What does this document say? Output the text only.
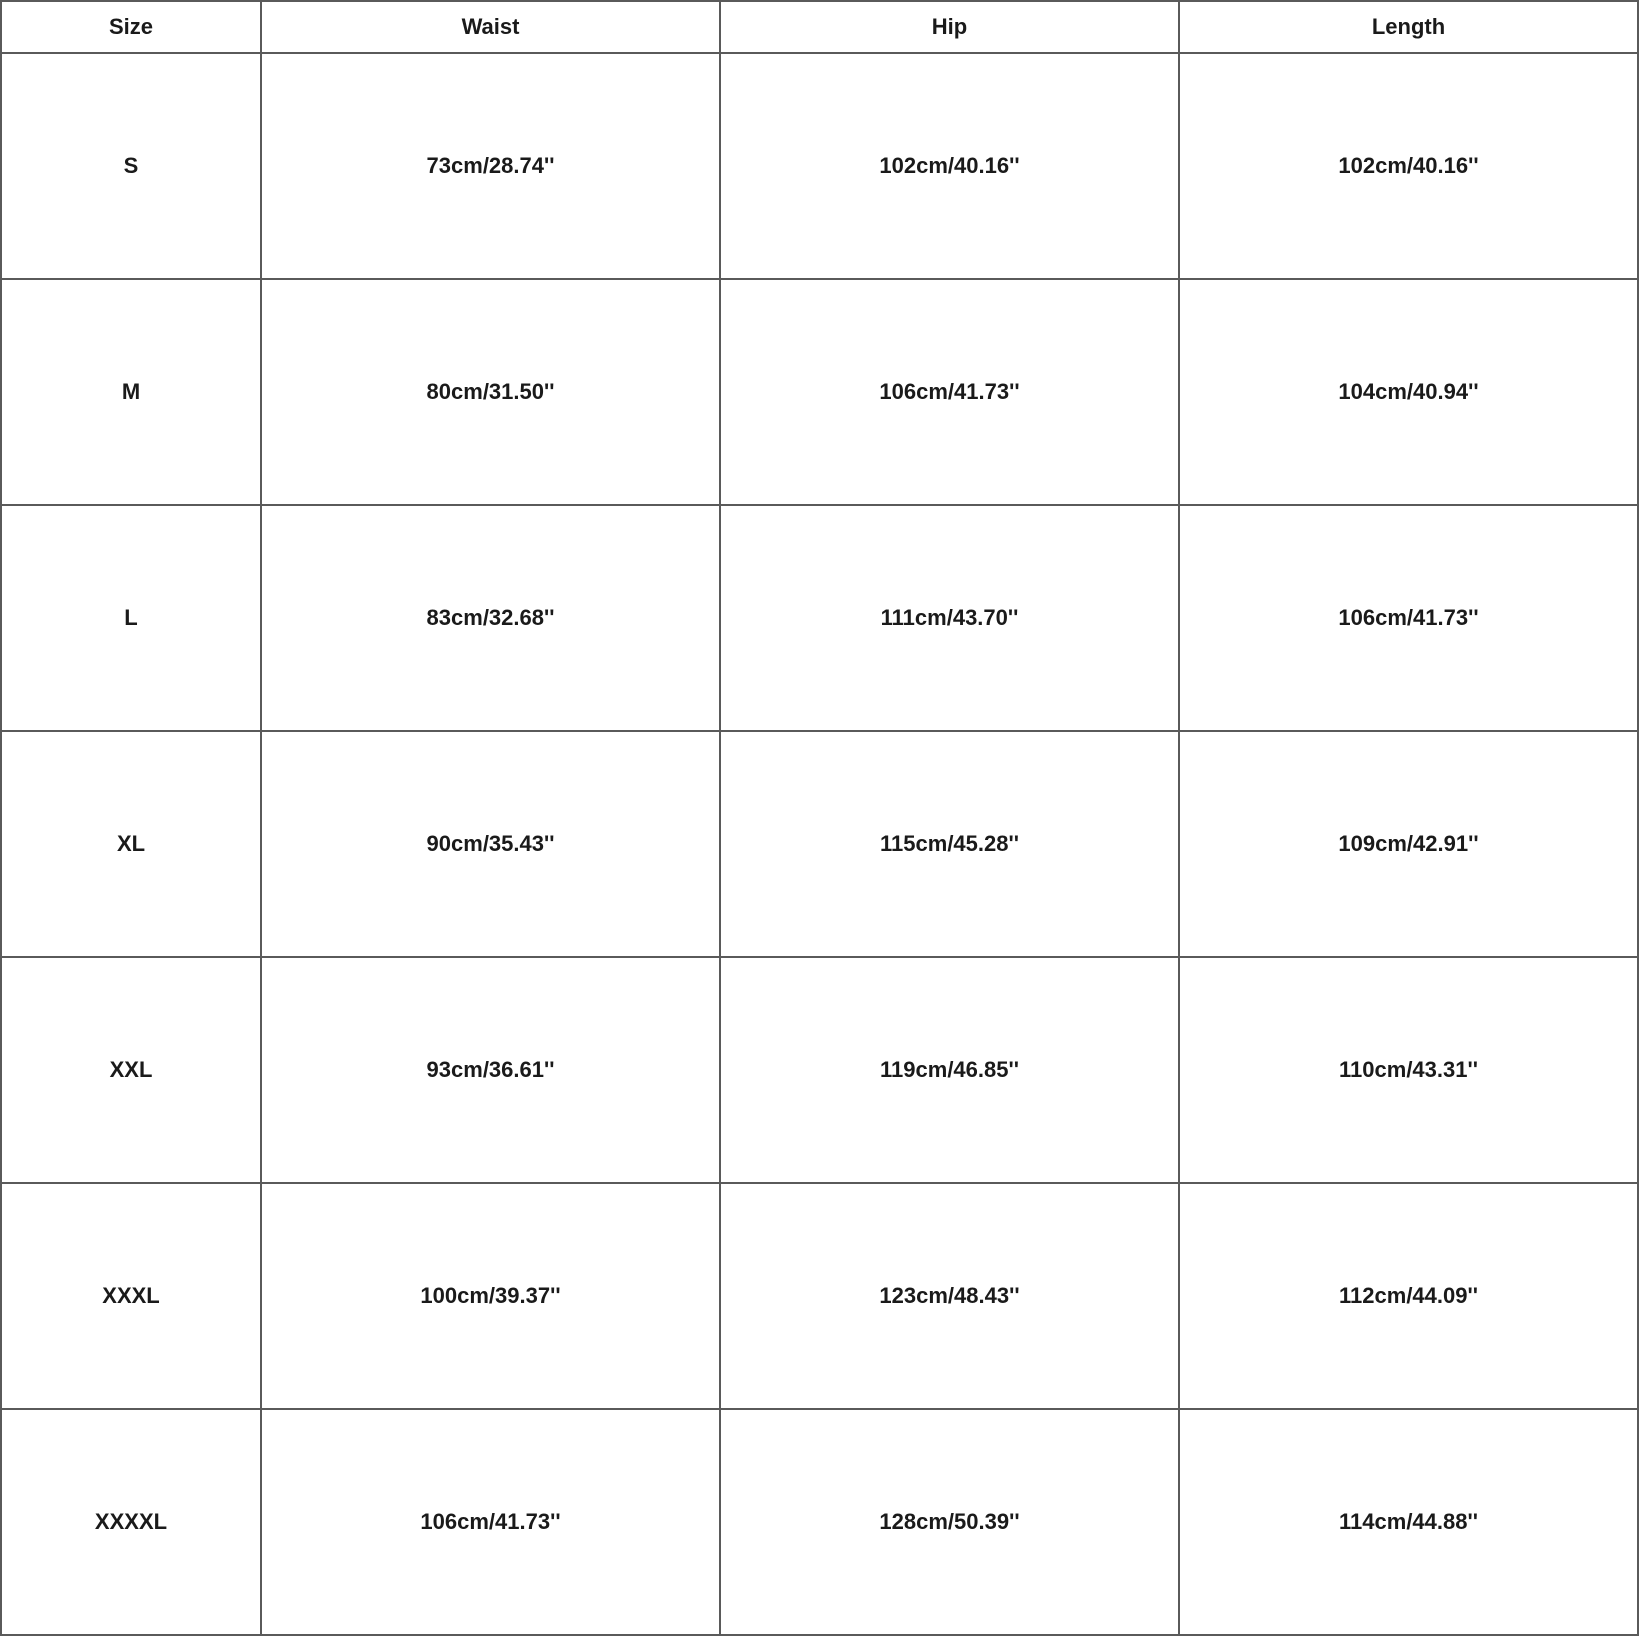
Size	Waist	Hip	Length
S	73cm/28.74''	102cm/40.16''	102cm/40.16''
M	80cm/31.50''	106cm/41.73''	104cm/40.94''
L	83cm/32.68''	111cm/43.70''	106cm/41.73''
XL	90cm/35.43''	115cm/45.28''	109cm/42.91''
XXL	93cm/36.61''	119cm/46.85''	110cm/43.31''
XXXL	100cm/39.37''	123cm/48.43''	112cm/44.09''
XXXXL	106cm/41.73''	128cm/50.39''	114cm/44.88''
